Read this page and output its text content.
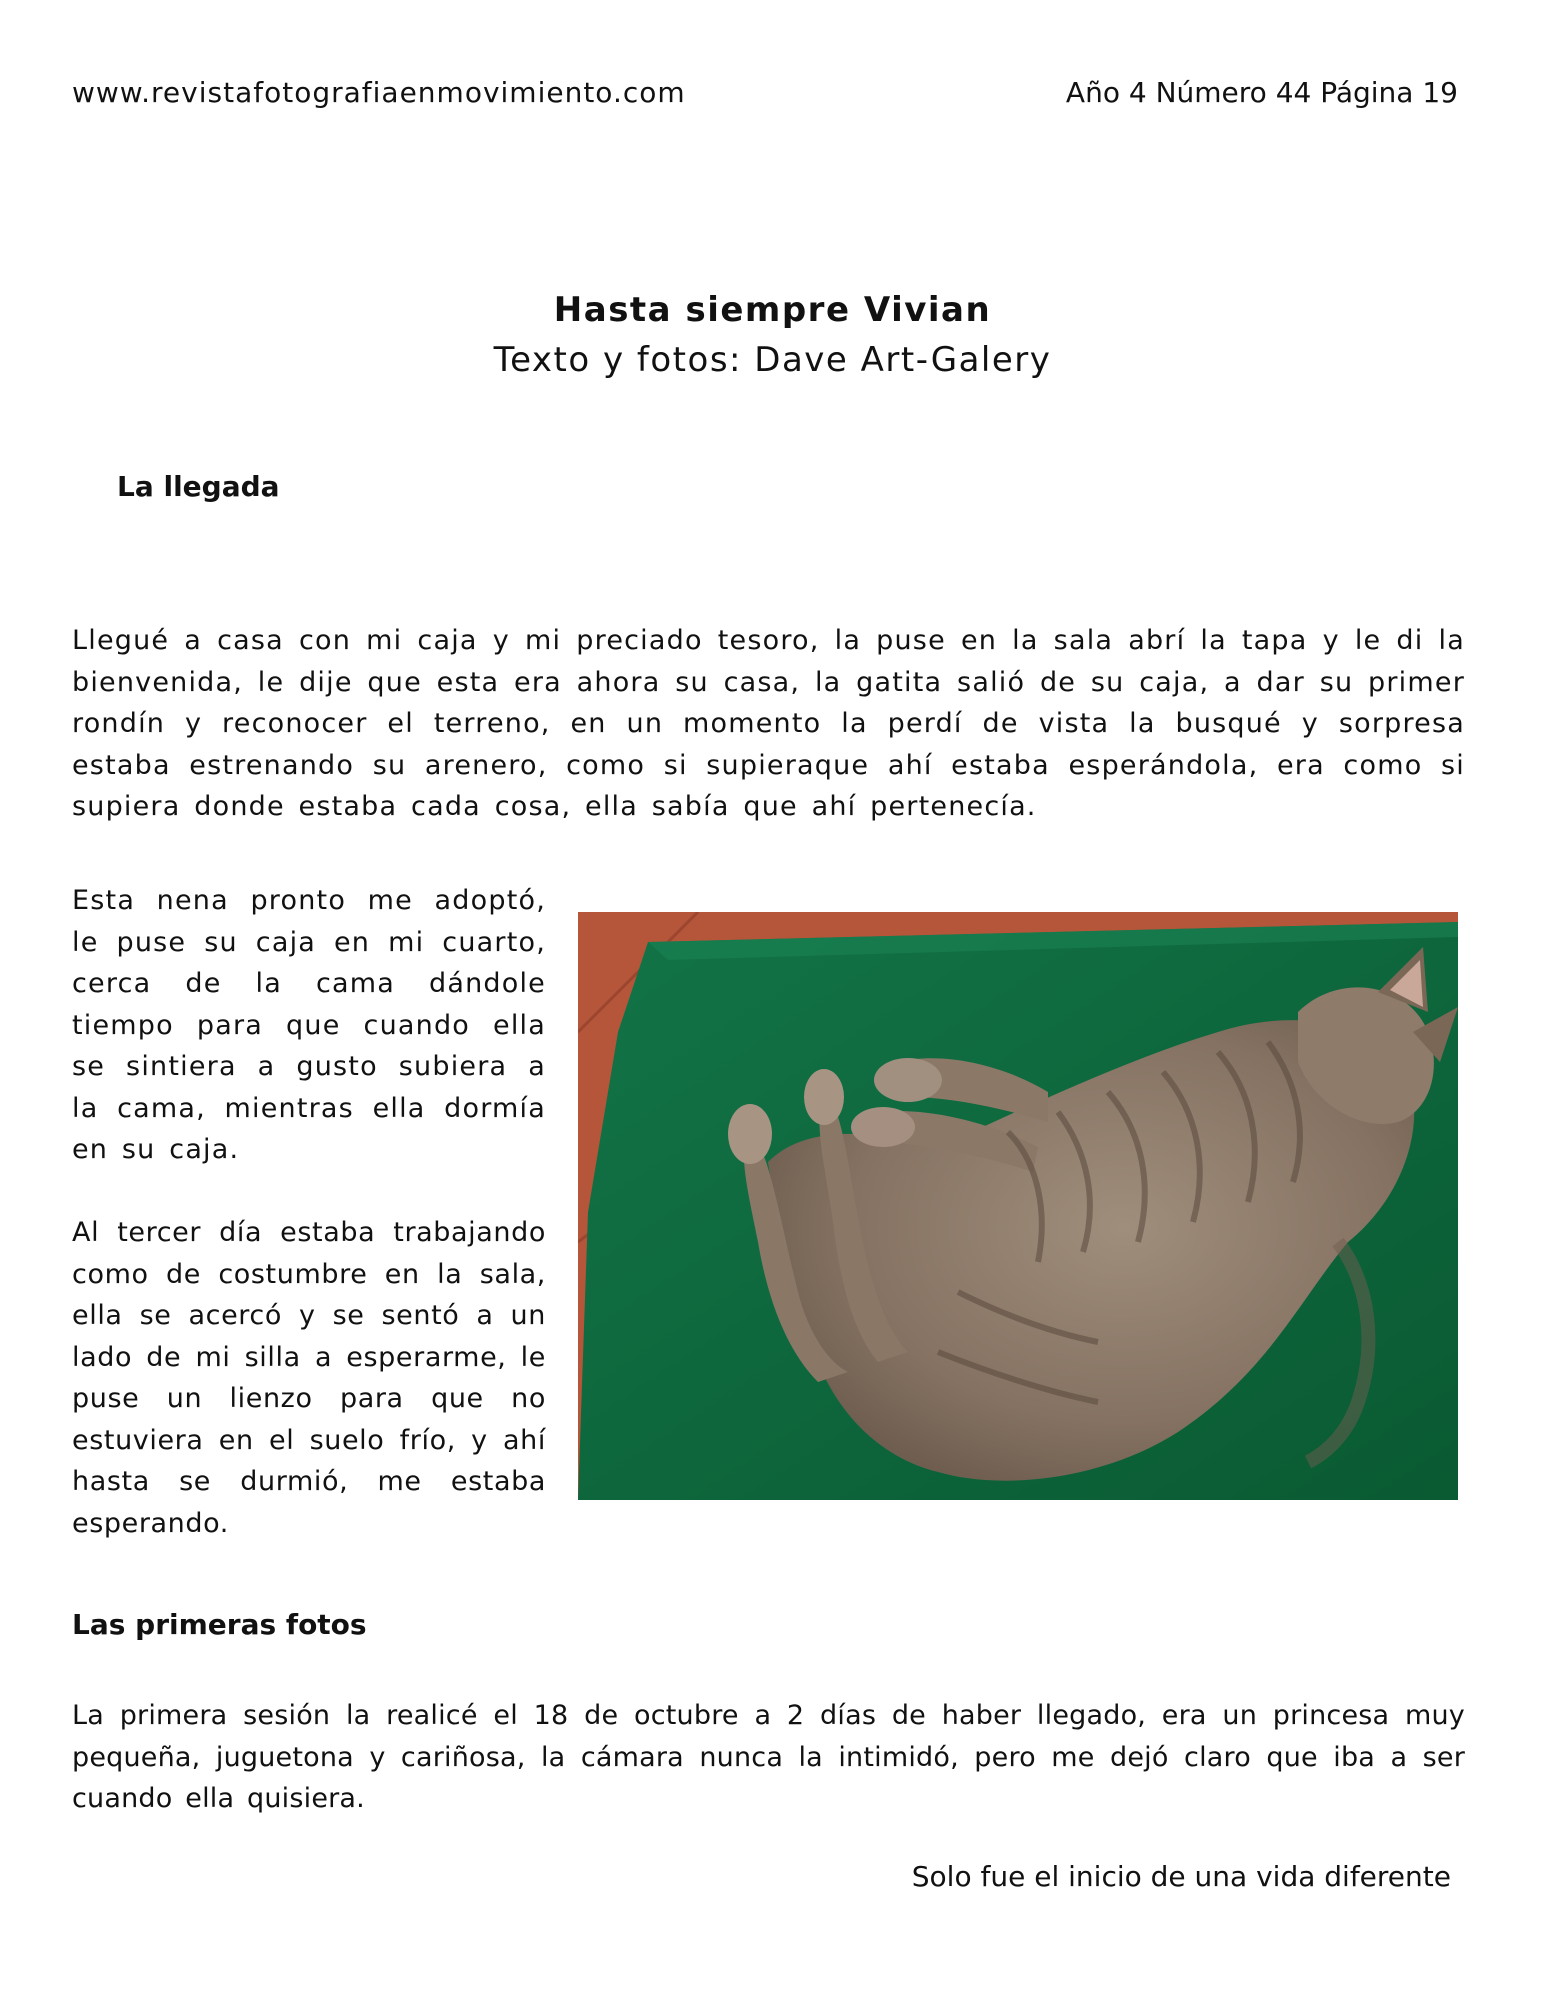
www.revistafotografiaenmovimiento.com	Año 4 Número 44 Página 19
Hasta siempre Vivian
Texto y fotos: Dave Art-Galery
La llegada
Llegué a casa con mi caja y mi preciado tesoro, la puse en la sala abrí la tapa y le di la bienvenida, le dije que esta era ahora su casa, la gatita salió de su caja, a dar su primer rondín y reconocer el terreno, en un momento la perdí de vista la busqué y sorpresa estaba estrenando su arenero, como si supieraque ahí estaba esperándola, era como si supiera donde estaba cada cosa, ella sabía que ahí pertenecía.
Esta nena pronto me adoptó, le puse su caja en mi cuarto, cerca de la cama dándole tiempo para que cuando ella se sintiera a gusto subiera a la cama, mientras ella dormía en su caja.
Al tercer día estaba trabajando como de costumbre en la sala, ella se acercó y se sentó a un lado de mi silla a esperarme, le puse un lienzo para que no estuviera en el suelo frío, y ahí hasta se durmió, me estaba esperando.
Las primeras fotos
La primera sesión la realicé el 18 de octubre a 2 días de haber llegado, era un princesa muy pequeña, juguetona y cariñosa, la cámara nunca la intimidó, pero me dejó claro que iba a ser cuando ella quisiera.
Solo fue el inicio de una vida diferente
